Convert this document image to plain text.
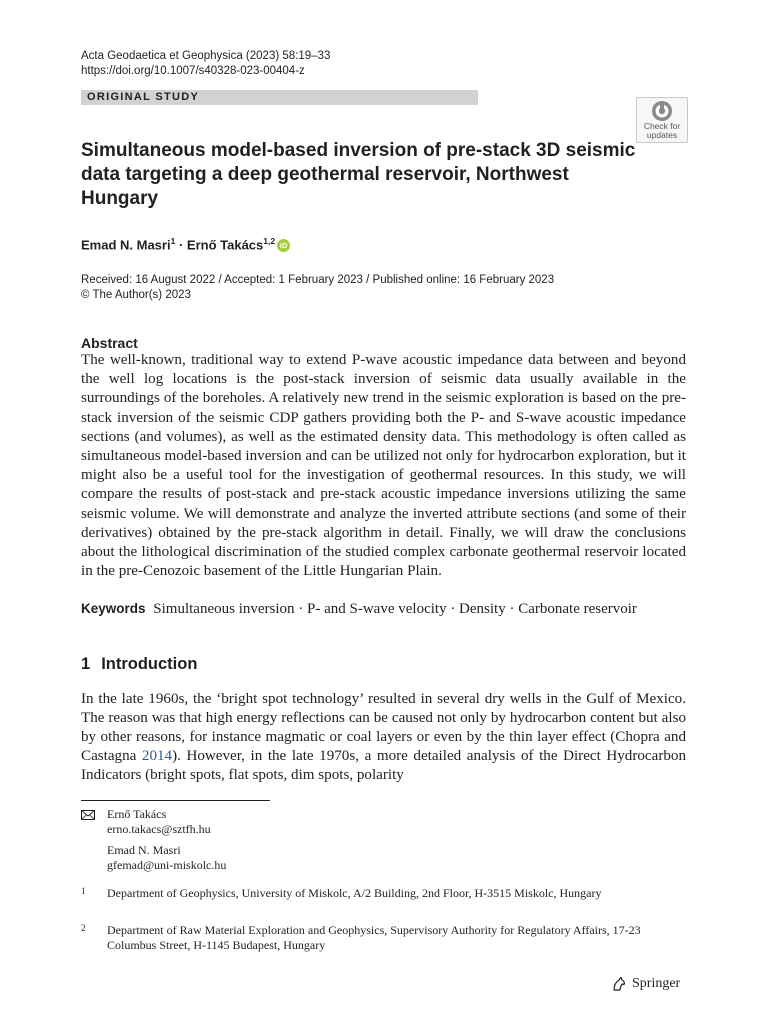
Acta Geodaetica et Geophysica (2023) 58:19–33
https://doi.org/10.1007/s40328-023-00404-z
ORIGINAL STUDY
Check for updates
Simultaneous model-based inversion of pre-stack 3D seismic data targeting a deep geothermal reservoir, Northwest Hungary
Emad N. Masri$^1$ · Ernő Takács$^{1,2}$ iD
Received: 16 August 2022 / Accepted: 1 February 2023 / Published online: 16 February 2023
© The Author(s) 2023
Abstract

The well-known, traditional way to extend P-wave acoustic impedance data between and beyond the well log locations is the post-stack inversion of seismic data usually available in the surroundings of the boreholes. A relatively new trend in the seismic exploration is based on the pre-stack inversion of the seismic CDP gathers providing both the P- and S-wave acoustic impedance sections (and volumes), as well as the estimated density data. This methodology is often called as simultaneous model-based inversion and can be utilized not only for hydrocarbon exploration, but it might also be a useful tool for the investigation of geothermal resources. In this study, we will compare the results of post-stack and pre-stack acoustic impedance inversions utilizing the same seismic volume. We will demonstrate and analyze the inverted attribute sections (and some of their derivatives) obtained by the pre-stack algorithm in detail. Finally, we will draw the conclusions about the lithological discrimination of the studied complex carbonate geothermal reservoir located in the pre-Cenozoic basement of the Little Hungarian Plain.

Keywords Simultaneous inversion · P- and S-wave velocity · Density · Carbonate reservoir
1 Introduction

In the late 1960s, the ‘bright spot technology’ resulted in several dry wells in the Gulf of Mexico. The reason was that high energy reflections can be caused not only by hydrocarbon content but also by other reasons, for instance magmatic or coal layers or even by the thin layer effect (Chopra and Castagna 2014). However, in the late 1970s, a more detailed analysis of the Direct Hydrocarbon Indicators (bright spots, flat spots, dim spots, polarity

Ernő Takács
erno.takacs@sztfh.hu
Emad N. Masri
gfemad@uni-miskolc.hu
1 Department of Geophysics, University of Miskolc, A/2 Building, 2nd Floor, H-3515 Miskolc, Hungary
2 Department of Raw Material Exploration and Geophysics, Supervisory Authority for Regulatory Affairs, 17-23 Columbus Street, H-1145 Budapest, Hungary
Springer
